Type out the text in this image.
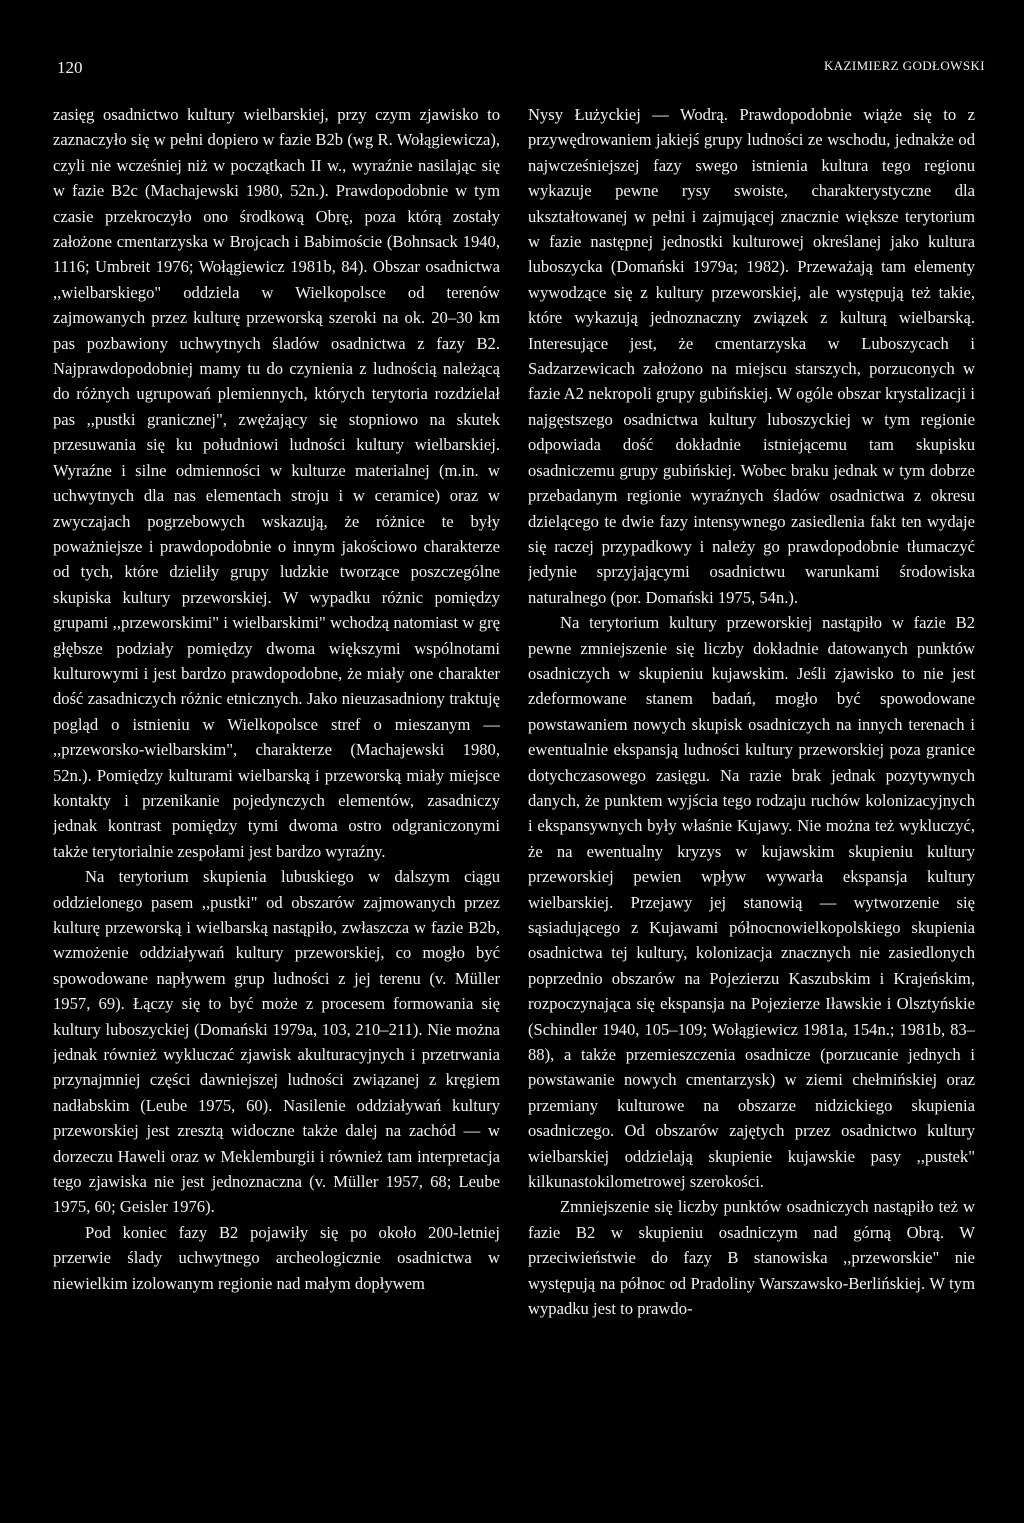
120	KAZIMIERZ GODŁOWSKI

zasięg osadnictwo kultury wielbarskiej, przy czym zjawisko to zaznaczyło się w pełni dopiero w fazie B2b (wg R. Wołągiewicza), czyli nie wcześniej niż w początkach II w., wyraźnie nasilając się w fazie B2c (Machajewski 1980, 52n.). Prawdopodobnie w tym czasie przekroczyło ono środkową Obrę, poza którą zostały założone cmentarzyska w Brojcach i Babimoście (Bohnsack 1940, 1116; Umbreit 1976; Wołągiewicz 1981b, 84). Obszar osadnictwa ,,wielbarskiego" oddziela w Wielkopolsce od terenów zajmowanych przez kulturę przeworską szeroki na ok. 20–30 km pas pozbawiony uchwytnych śladów osadnictwa z fazy B2. Najprawdopodobniej mamy tu do czynienia z ludnością należącą do różnych ugrupowań plemiennych, których terytoria rozdzielał pas ,,pustki granicznej", zwężający się stopniowo na skutek przesuwania się ku południowi ludności kultury wielbarskiej. Wyraźne i silne odmienności w kulturze materialnej (m.in. w uchwytnych dla nas elementach stroju i w ceramice) oraz w zwyczajach pogrzebowych wskazują, że różnice te były poważniejsze i prawdopodobnie o innym jakościowo charakterze od tych, które dzieliły grupy ludzkie tworzące poszczególne skupiska kultury przeworskiej. W wypadku różnic pomiędzy grupami ,,przeworskimi" i wielbarskimi" wchodzą natomiast w grę głębsze podziały pomiędzy dwoma większymi wspólnotami kulturowymi i jest bardzo prawdopodobne, że miały one charakter dość zasadniczych różnic etnicznych. Jako nieuzasadniony traktuję pogląd o istnieniu w Wielkopolsce stref o mieszanym — ,,przeworsko-wielbarskim", charakterze (Machajewski 1980, 52n.). Pomiędzy kulturami wielbarską i przeworską miały miejsce kontakty i przenikanie pojedynczych elementów, zasadniczy jednak kontrast pomiędzy tymi dwoma ostro odgraniczonymi także terytorialnie zespołami jest bardzo wyraźny.

Na terytorium skupienia lubuskiego w dalszym ciągu oddzielonego pasem ,,pustki" od obszarów zajmowanych przez kulturę przeworską i wielbarską nastąpiło, zwłaszcza w fazie B2b, wzmożenie oddziaływań kultury przeworskiej, co mogło być spowodowane napływem grup ludności z jej terenu (v. Müller 1957, 69). Łączy się to być może z procesem formowania się kultury luboszyckiej (Domański 1979a, 103, 210–211). Nie można jednak również wykluczać zjawisk akulturacyjnych i przetrwania przynajmniej części dawniejszej ludności związanej z kręgiem nadłabskim (Leube 1975, 60). Nasilenie oddziaływań kultury przeworskiej jest zresztą widoczne także dalej na zachód — w dorzeczu Haweli oraz w Meklemburgii i również tam interpretacja tego zjawiska nie jest jednoznaczna (v. Müller 1957, 68; Leube 1975, 60; Geisler 1976).

Pod koniec fazy B2 pojawiły się po około 200-letniej przerwie ślady uchwytnego archeologicznie osadnictwa w niewielkim izolowanym regionie nad małym dopływem

Nysy Łużyckiej — Wodrą. Prawdopodobnie wiąże się to z przywędrowaniem jakiejś grupy ludności ze wschodu, jednakże od najwcześniejszej fazy swego istnienia kultura tego regionu wykazuje pewne rysy swoiste, charakterystyczne dla ukształtowanej w pełni i zajmującej znacznie większe terytorium w fazie następnej jednostki kulturowej określanej jako kultura luboszycka (Domański 1979a; 1982). Przeważają tam elementy wywodzące się z kultury przeworskiej, ale występują też takie, które wykazują jednoznaczny związek z kulturą wielbarską. Interesujące jest, że cmentarzyska w Luboszycach i Sadzarzewicach założono na miejscu starszych, porzuconych w fazie A2 nekropoli grupy gubińskiej. W ogóle obszar krystalizacji i najgęstszego osadnictwa kultury luboszyckiej w tym regionie odpowiada dość dokładnie istniejącemu tam skupisku osadniczemu grupy gubińskiej. Wobec braku jednak w tym dobrze przebadanym regionie wyraźnych śladów osadnictwa z okresu dzielącego te dwie fazy intensywnego zasiedlenia fakt ten wydaje się raczej przypadkowy i należy go prawdopodobnie tłumaczyć jedynie sprzyjającymi osadnictwu warunkami środowiska naturalnego (por. Domański 1975, 54n.).

Na terytorium kultury przeworskiej nastąpiło w fazie B2 pewne zmniejszenie się liczby dokładnie datowanych punktów osadniczych w skupieniu kujawskim. Jeśli zjawisko to nie jest zdeformowane stanem badań, mogło być spowodowane powstawaniem nowych skupisk osadniczych na innych terenach i ewentualnie ekspansją ludności kultury przeworskiej poza granice dotychczasowego zasięgu. Na razie brak jednak pozytywnych danych, że punktem wyjścia tego rodzaju ruchów kolonizacyjnych i ekspansywnych były właśnie Kujawy. Nie można też wykluczyć, że na ewentualny kryzys w kujawskim skupieniu kultury przeworskiej pewien wpływ wywarła ekspansja kultury wielbarskiej. Przejawy jej stanowią — wytworzenie się sąsiadującego z Kujawami północnowielkopolskiego skupienia osadnictwa tej kultury, kolonizacja znacznych nie zasiedlonych poprzednio obszarów na Pojezierzu Kaszubskim i Krajeńskim, rozpoczynająca się ekspansja na Pojezierze Iławskie i Olsztyńskie (Schindler 1940, 105–109; Wołągiewicz 1981a, 154n.; 1981b, 83–88), a także przemieszczenia osadnicze (porzucanie jednych i powstawanie nowych cmentarzysk) w ziemi chełmińskiej oraz przemiany kulturowe na obszarze nidzickiego skupienia osadniczego. Od obszarów zajętych przez osadnictwo kultury wielbarskiej oddzielają skupienie kujawskie pasy ,,pustek" kilkunastokilometrowej szerokości.

Zmniejszenie się liczby punktów osadniczych nastąpiło też w fazie B2 w skupieniu osadniczym nad górną Obrą. W przeciwieństwie do fazy B stanowiska ,,przeworskie" nie występują na północ od Pradoliny Warszawsko-Berlińskiej. W tym wypadku jest to prawdo-
